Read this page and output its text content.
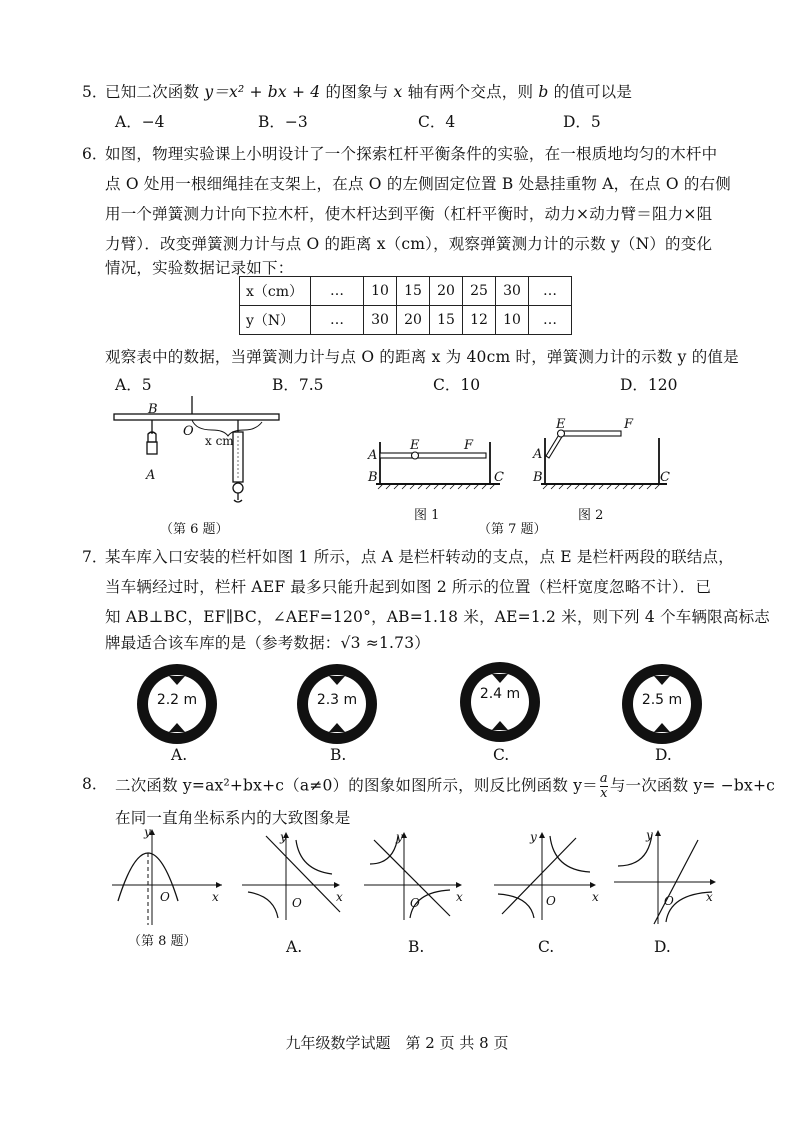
5．
已知二次函数 y＝x² + bx + 4 的图象与 x 轴有两个交点，则 b 的值可以是
A．−4	B．−3	C．4	D．5
6．
如图，物理实验课上小明设计了一个探索杠杆平衡条件的实验，在一根质地均匀的木杆中
点 O 处用一根细绳挂在支架上，在点 O 的左侧固定位置 B 处悬挂重物 A，在点 O 的右侧
用一个弹簧测力计向下拉木杆，使木杆达到平衡（杠杆平衡时，动力×动力臂＝阻力×阻
力臂）．改变弹簧测力计与点 O 的距离 x（cm），观察弹簧测力计的示数 y（N）的变化
情况，实验数据记录如下：
x（cm）	…	10	15	20	25	30	…
y（N）	…	30	20	15	12	10	…
观察表中的数据，当弹簧测力计与点 O 的距离 x 为 40cm 时，弹簧测力计的示数 y 的值是
A．5	B．7.5	C．10	D．120
B
O
A
x cm
（第 6 题）
E	F
A
B	C
图 1
（第 7 题）
E	F
A
B	C
图 2
7．
某车库入口安装的栏杆如图 1 所示，点 A 是栏杆转动的支点，点 E 是栏杆两段的联结点，
当车辆经过时，栏杆 AEF 最多只能升起到如图 2 所示的位置（栏杆宽度忽略不计）．已
知 AB⊥BC，EF∥BC，∠AEF=120°，AB=1.18 米，AE=1.2 米，则下列 4 个车辆限高标志
牌最适合该车库的是（参考数据：√3 ≈1.73）
2.2 m
A.
2.3 m
B.
2.4 m
C.
2.5 m
D.
8． 二次函数 y=ax²+bx+c（a≠0）的图象如图所示，则反比例函数 $y= \frac{a}{x}$ 与一次函数 y= −bx+c
在同一直角坐标系内的大致图象是
y
x
O
（第 8 题）
y
x
O
A.
y
x
O
B.
y
x
O
C.
y
x
O
D.
九年级数学试题　第 2 页 共 8 页
